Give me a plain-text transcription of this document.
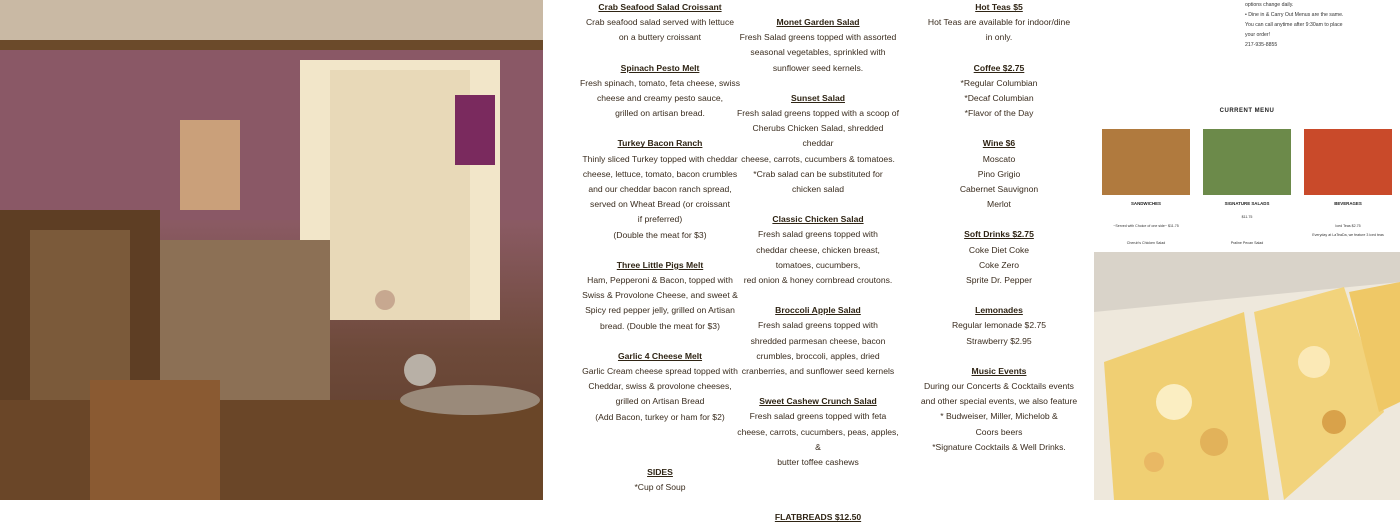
Crab Seafood Salad Croissant
Crab seafood salad served with lettuce
on a buttery croissant
Spinach Pesto Melt
Fresh spinach, tomato, feta cheese, swiss
cheese and creamy pesto sauce,
grilled on artisan bread.
Turkey Bacon Ranch
Thinly sliced Turkey topped with cheddar
cheese, lettuce, tomato, bacon crumbles
and our cheddar bacon ranch spread,
served on Wheat Bread (or croissant
if preferred)
(Double the meat for $3)
Three Little Pigs Melt
Ham, Pepperoni & Bacon, topped with
Swiss & Provolone Cheese, and sweet &
Spicy red pepper jelly, grilled on Artisan
bread. (Double the meat for $3)
Garlic 4 Cheese Melt
Garlic Cream cheese spread topped with
Cheddar, swiss & provolone cheeses,
grilled on Artisan Bread
(Add Bacon, turkey or ham for $2)
SIDES
*Cup of Soup
Monet Garden Salad
Fresh Salad greens topped with assorted
seasonal vegetables, sprinkled with
sunflower seed kernels.
Sunset Salad
Fresh salad greens topped with a scoop of
Cherubs Chicken Salad, shredded cheddar
cheese, carrots, cucumbers & tomatoes.
*Crab salad can be substituted for
chicken salad
Classic Chicken Salad
Fresh salad greens topped with
cheddar cheese, chicken breast,
tomatoes, cucumbers,
red onion & honey cornbread croutons.
Broccoli Apple Salad
Fresh salad greens topped with
shredded parmesan cheese, bacon
crumbles, broccoli, apples, dried
cranberries, and sunflower seed kernels
Sweet Cashew Crunch Salad
Fresh salad greens topped with feta
cheese, carrots, cucumbers, peas, apples, &
butter toffee cashews
FLATBREADS $12.50
Hot Teas $5
Hot Teas are available for indoor/dine
in only.
Coffee $2.75
*Regular Columbian
*Decaf Columbian
*Flavor of the Day
Wine $6
Moscato
Pino Grigio
Cabernet Sauvignon
Merlot
Soft Drinks $2.75
Coke Diet Coke
Coke Zero
Sprite Dr. Pepper
Lemonades
Regular lemonade $2.75
Strawberry $2.95
Music Events
During our Concerts & Cocktails events
and other special events, we also feature
* Budweiser, Miller, Michelob &
Coors beers
*Signature Cocktails & Well Drinks.
options change daily.
• Dine in & Carry Out Menus are the same.
You can call anytime after 9:30am to place
your order!
217-935-8855
CURRENT MENU
SANDWICHES	SIGNATURE SALADS	BEVERAGES
~Served with Choice of one side~ $11.75
Cherub's Chicken Salad
$11.75
Praline Pecan Salad
Iced Teas $2.75
Everyday at LaTeaDa, we feature 3 iced teas
